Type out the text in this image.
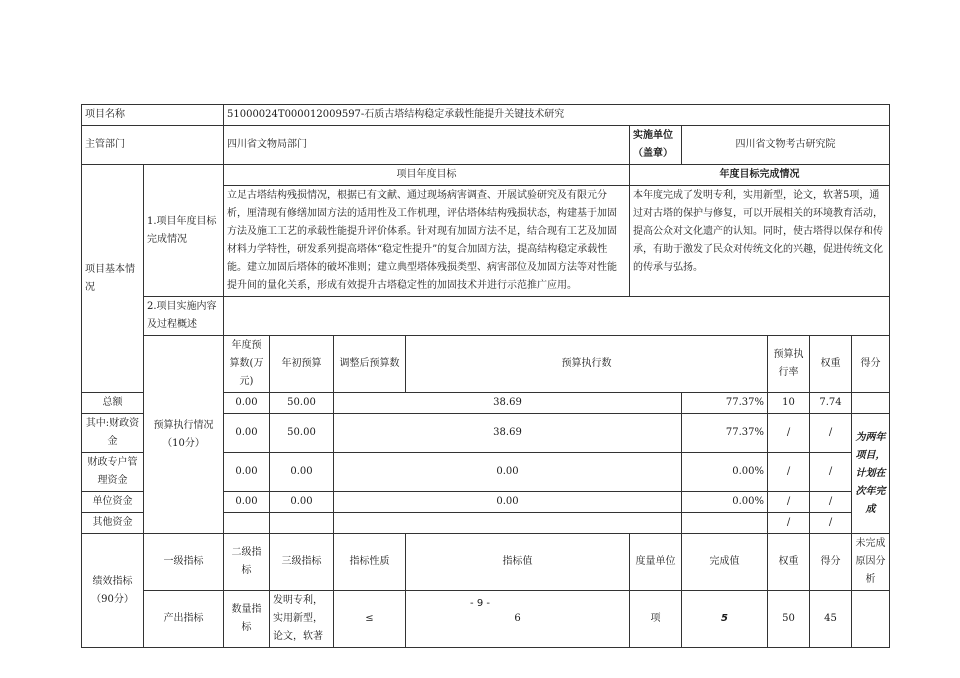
项目名称		51000024T000012009597-石质古塔结构稳定承载性能提升关键技术研究									
主管部门		四川省文物局部门				实施单位 （盖章）	四川省文物考古研究院				
项目基本情况	1.项目年度目标完成情况	项目年度目标				年度目标完成情况					
		立足古塔结构残损情况，根据已有文献、通过现场病害调查、开展试验研究及有限元分析，厘清现有修缮加固方法的适用性及工作机理，评估塔体结构残损状态，构建基于加固方法及施工工艺的承载性能提升评价体系。针对现有加固方法不足，结合现有工艺及加固材料力学特性，研发系列提高塔体“稳定性提升”的复合加固方法，提高结构稳定承载性能。建立加固后塔体的破坏准则；建立典型塔体残损类型、病害部位及加固方法等对性能提升间的量化关系，形成有效提升古塔稳定性的加固技术并进行示范推广应用。				本年度完成了发明专利，实用新型，论文，软著5项，通过对古塔的保护与修复，可以开展相关的环境教育活动，提高公众对文化遗产的认知。同时，使古塔得以保存和传承，有助于激发了民众对传统文化的兴趣，促进传统文化的传承与弘扬。					
	2.项目实施内容及过程概述										
	预算执行情况（10分）	年度预算数(万元)	年初预算	调整后预算数	预算执行数			预算执行率	权重	得分	
总额		0.00	50.00	38.69			77.37%	10	7.74		
其中:财政资金		0.00	50.00	38.69			77.37%	/	/	为两年项目，计划在次年完成	
财政专户管理资金		0.00	0.00	0.00			0.00%	/	/		
单位资金		0.00	0.00	0.00			0.00%	/	/		
其他资金								/	/		
绩效指标（90分）	一级指标	二级指标	三级指标	指标性质	指标值	度量单位	完成值	权重	得分	未完成原因分析	
	产出指标	数量指标	发明专利，实用新型，论文，软著	≤	6	项	5	50	45		
- 9 -
